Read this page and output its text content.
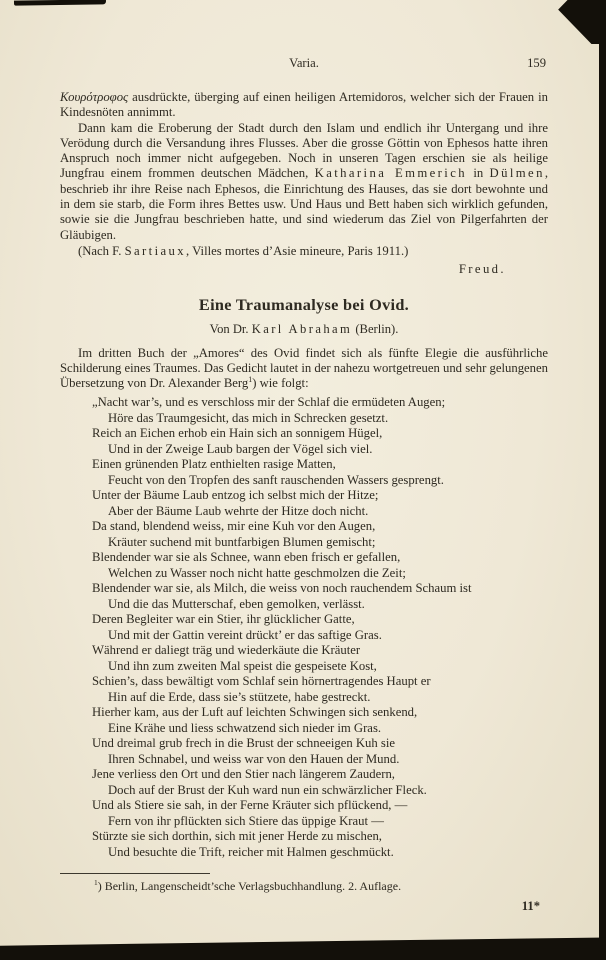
Varia.	159

Κουρότροφος ausdrückte, überging auf einen heiligen Artemidoros, welcher sich der Frauen in Kindesnöten annimmt.

Dann kam die Eroberung der Stadt durch den Islam und endlich ihr Untergang und ihre Verödung durch die Versandung ihres Flusses. Aber die grosse Göttin von Ephesos hatte ihren Anspruch noch immer nicht aufgegeben. Noch in unseren Tagen erschien sie als heilige Jungfrau einem frommen deutschen Mädchen, Katharina Emmerich in Dülmen, beschrieb ihr ihre Reise nach Ephesos, die Einrichtung des Hauses, das sie dort bewohnte und in dem sie starb, die Form ihres Bettes usw. Und Haus und Bett haben sich wirklich gefunden, sowie sie die Jungfrau beschrieben hatte, und sind wiederum das Ziel von Pilgerfahrten der Gläubigen.

(Nach F. Sartiaux, Villes mortes d’Asie mineure, Paris 1911.)
Freud.
Eine Traumanalyse bei Ovid.
Von Dr. Karl Abraham (Berlin).

Im dritten Buch der „Amores“ des Ovid findet sich als fünfte Elegie die ausführliche Schilderung eines Traumes. Das Gedicht lautet in der nahezu wortgetreuen und sehr gelungenen Übersetzung von Dr. Alexander Berg$^1$) wie folgt:

„Nacht war’s, und es verschloss mir der Schlaf die ermüdeten Augen;
Höre das Traumgesicht, das mich in Schrecken gesetzt.
Reich an Eichen erhob ein Hain sich an sonnigem Hügel,
Und in der Zweige Laub bargen der Vögel sich viel.
Einen grünenden Platz enthielten rasige Matten,
Feucht von den Tropfen des sanft rauschenden Wassers gesprengt.
Unter der Bäume Laub entzog ich selbst mich der Hitze;
Aber der Bäume Laub wehrte der Hitze doch nicht.
Da stand, blendend weiss, mir eine Kuh vor den Augen,
Kräuter suchend mit buntfarbigen Blumen gemischt;
Blendender war sie als Schnee, wann eben frisch er gefallen,
Welchen zu Wasser noch nicht hatte geschmolzen die Zeit;
Blendender war sie, als Milch, die weiss von noch rauchendem Schaum ist
Und die das Mutterschaf, eben gemolken, verlässt.
Deren Begleiter war ein Stier, ihr glücklicher Gatte,
Und mit der Gattin vereint drückt’ er das saftige Gras.
Während er daliegt träg und wiederkäute die Kräuter
Und ihn zum zweiten Mal speist die gespeisete Kost,
Schien’s, dass bewältigt vom Schlaf sein hörnertragendes Haupt er
Hin auf die Erde, dass sie’s stützete, habe gestreckt.
Hierher kam, aus der Luft auf leichten Schwingen sich senkend,
Eine Krähe und liess schwatzend sich nieder im Gras.
Und dreimal grub frech in die Brust der schneeigen Kuh sie
Ihren Schnabel, und weiss war von den Hauen der Mund.
Jene verliess den Ort und den Stier nach längerem Zaudern,
Doch auf der Brust der Kuh ward nun ein schwärzlicher Fleck.
Und als Stiere sie sah, in der Ferne Kräuter sich pflückend, —
Fern von ihr pflückten sich Stiere das üppige Kraut —
Stürzte sie sich dorthin, sich mit jener Herde zu mischen,
Und besuchte die Trift, reicher mit Halmen geschmückt.
$^1$) Berlin, Langenscheidt’sche Verlagsbuchhandlung. 2. Auflage.
11*
